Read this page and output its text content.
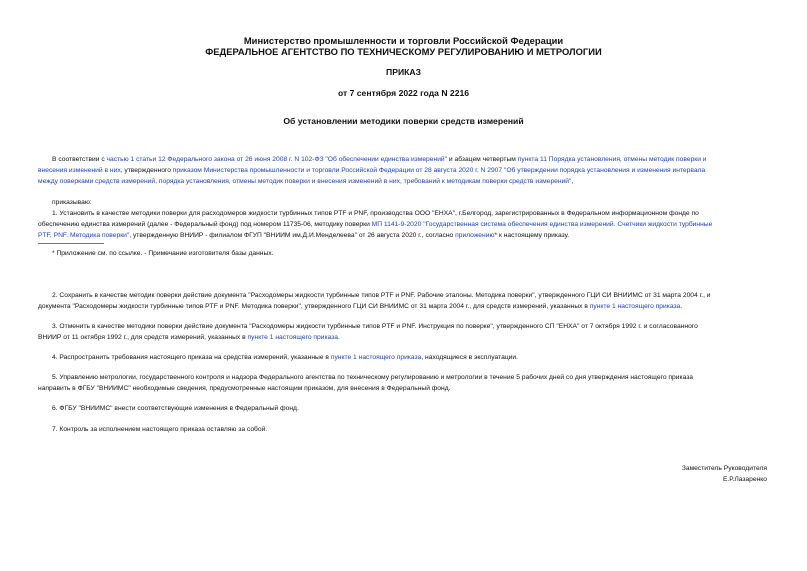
Министерство промышленности и торговли Российской Федерации
ФЕДЕРАЛЬНОЕ АГЕНТСТВО ПО ТЕХНИЧЕСКОМУ РЕГУЛИРОВАНИЮ И МЕТРОЛОГИИ
ПРИКАЗ
от 7 сентября 2022 года N 2216
Об установлении методики поверки средств измерений
В соответствии с частью 1 статьи 12 Федерального закона от 26 июня 2008 г. N 102-ФЗ "Об обеспечении единства измерений" и абзацем четвертым пункта 11 Порядка установления, отмены методик поверки и
внесения изменений в них, утвержденного приказом Министерства промышленности и торговли Российской Федерации от 28 августа 2020 г. N 2907 "Об утверждении порядка установления и изменения интервала
между поверками средств измерений, порядка установления, отмены методик поверки и внесения изменений в них, требований к методикам поверки средств измерений",
приказываю:
1. Установить в качестве методики поверки для расходомеров жидкости турбинных типов PTF и PNF, производства ООО "ЕНХА", г.Белгород, зарегистрированных в Федеральном информационном фонде по
обеспечению единства измерений (далее - Федеральный фонд) под номером 11735-06, методику поверки МП 1141-9-2020 "Государственная система обеспечения единства измерений. Счетчики жидкости турбинные
PTF, PNF. Методика поверки", утвержденную ВНИИР - филиалом ФГУП "ВНИИМ им.Д.И.Менделеева" от 26 августа 2020 г., согласно приложению* к настоящему приказу.
* Приложение см. по ссылке. - Примечание изготовителя базы данных.
2. Сохранить в качестве методик поверки действие документа "Расходомеры жидкости турбинные типов PTF и PNF. Рабочие эталоны. Методика поверки", утвержденного ГЦИ СИ ВНИИМС от 31 марта 2004 г., и
документа "Расходомеры жидкости турбинные типов PTF и PNF. Методика поверки", утвержденного ГЦИ СИ ВНИИМС от 31 марта 2004 г., для средств измерений, указанных в пункте 1 настоящего приказа.
3. Отменить в качестве методики поверки действие документа "Расходомеры жидкости турбинные типов PTF и PNF. Инструкция по поверке", утвержденного СП "ЕНХА" от 7 октября 1992 г. и согласованного
ВНИИР от 11 октября 1992 г., для средств измерений, указанных в пункте 1 настоящего приказа.
4. Распространить требования настоящего приказа на средства измерений, указанные в пункте 1 настоящего приказа, находящиеся в эксплуатации.
5. Управлению метрологии, государственного контроля и надзора Федерального агентства по техническому регулированию и метрологии в течение 5 рабочих дней со дня утверждения настоящего приказа
направить в ФГБУ "ВНИИМС" необходимые сведения, предусмотренные настоящим приказом, для внесения в Федеральный фонд.
6. ФГБУ "ВНИИМС" внести соответствующие изменения в Федеральный фонд.
7. Контроль за исполнением настоящего приказа оставляю за собой.
Заместитель Руководителя
Е.Р.Лазаренко
